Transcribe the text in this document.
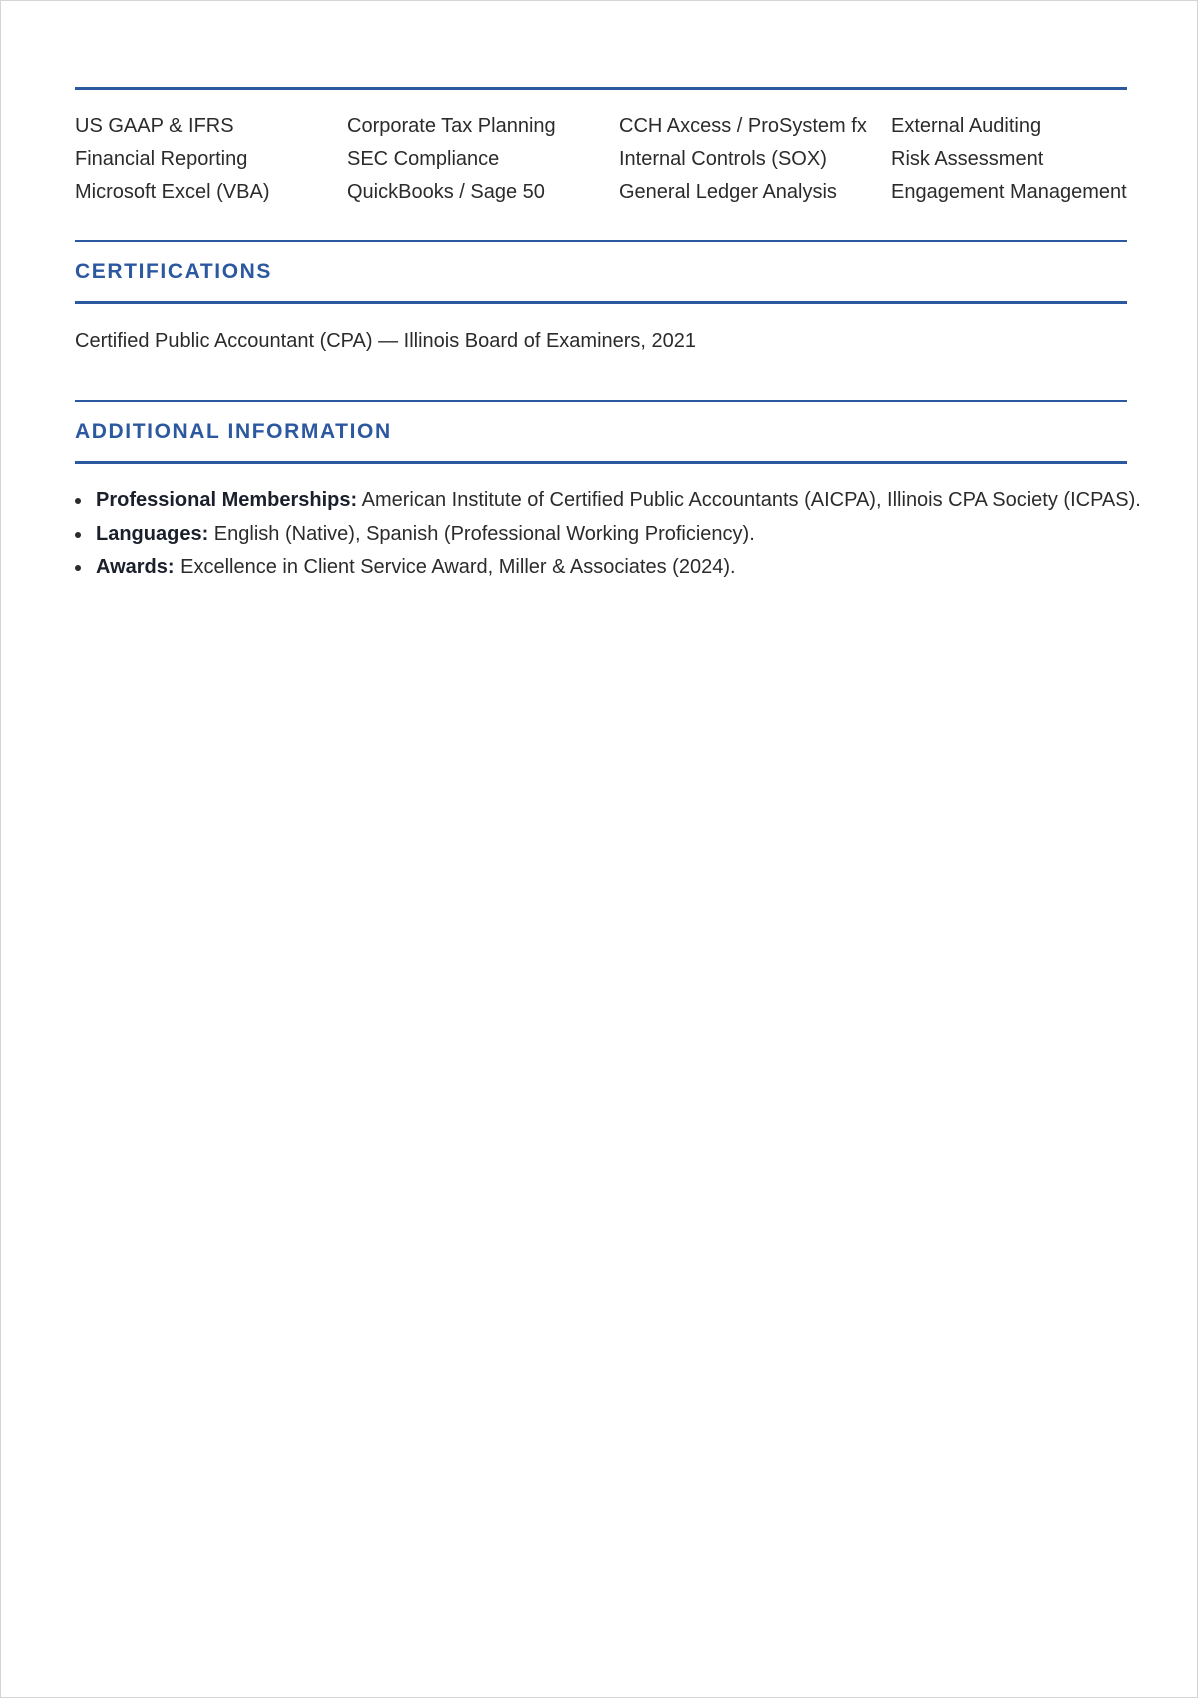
US GAAP & IFRS	Corporate Tax Planning	CCH Axcess / ProSystem fx	External Auditing
Financial Reporting	SEC Compliance	Internal Controls (SOX)	Risk Assessment
Microsoft Excel (VBA)	QuickBooks / Sage 50	General Ledger Analysis	Engagement Management
CERTIFICATIONS
Certified Public Accountant (CPA) — Illinois Board of Examiners, 2021
ADDITIONAL INFORMATION
Professional Memberships: American Institute of Certified Public Accountants (AICPA), Illinois CPA Society (ICPAS).
Languages: English (Native), Spanish (Professional Working Proficiency).
Awards: Excellence in Client Service Award, Miller & Associates (2024).
